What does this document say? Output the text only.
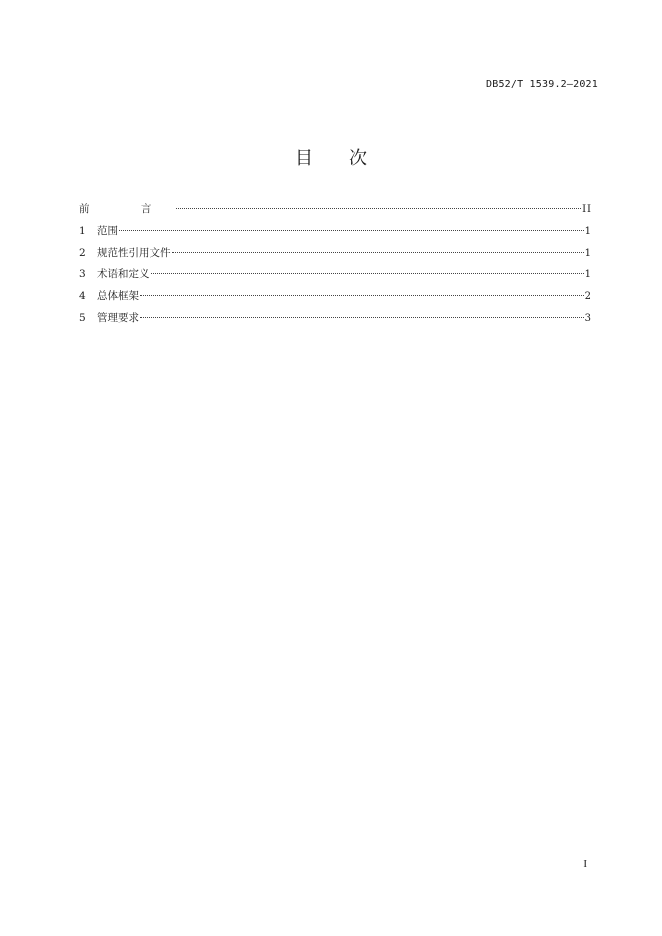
DB52/T 1539.2—2021
目 次
前 言	II
1	范围	1
2	规范性引用文件	1
3	术语和定义	1
4	总体框架	2
5	管理要求	3
I
